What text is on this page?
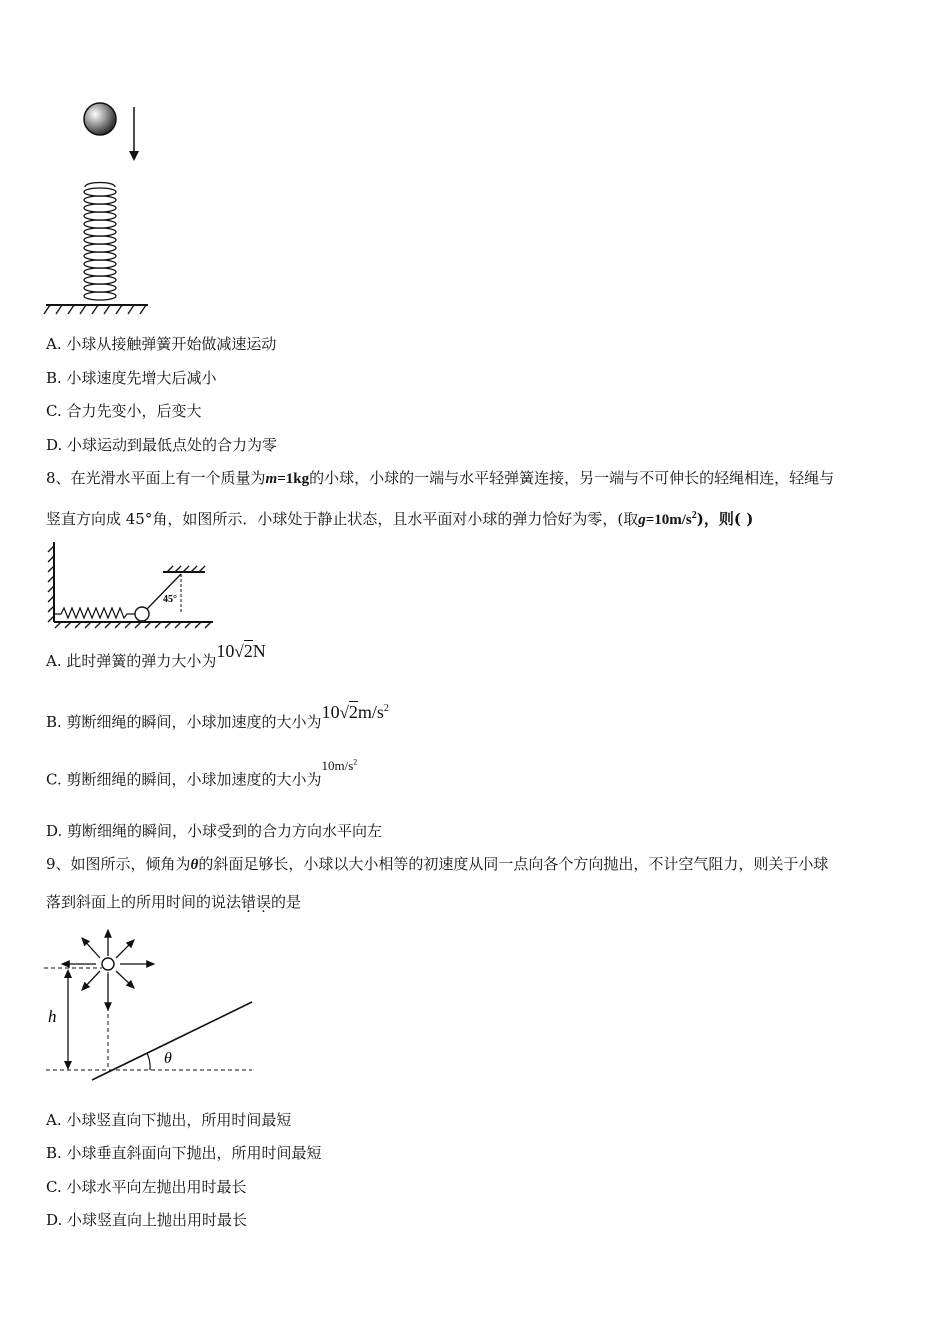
A. 小球从接触弹簧开始做减速运动
B. 小球速度先增大后减小
C. 合力先变小，后变大
D. 小球运动到最低点处的合力为零
8、在光滑水平面上有一个质量为m=1kg的小球，小球的一端与水平轻弹簧连接，另一端与不可伸长的轻绳相连，轻绳与
竖直方向成 45°角，如图所示．小球处于静止状态，且水平面对小球的弹力恰好为零，(取$g=10m/s^2$)，则( )
45°
A. 此时弹簧的弹力大小为10√2N
B. 剪断细绳的瞬间，小球加速度的大小为$10√2m/s^2$
C. 剪断细绳的瞬间，小球加速度的大小为$10m/s^2$
D. 剪断细绳的瞬间，小球受到的合力方向水平向左
9、如图所示，倾角为θ的斜面足够长，小球以大小相等的初速度从同一点向各个方向抛出，不计空气阻力，则关于小球
落到斜面上的所用时间的说法错误的是
h
θ
A. 小球竖直向下抛出，所用时间最短
B. 小球垂直斜面向下抛出，所用时间最短
C. 小球水平向左抛出用时最长
D. 小球竖直向上抛出用时最长
